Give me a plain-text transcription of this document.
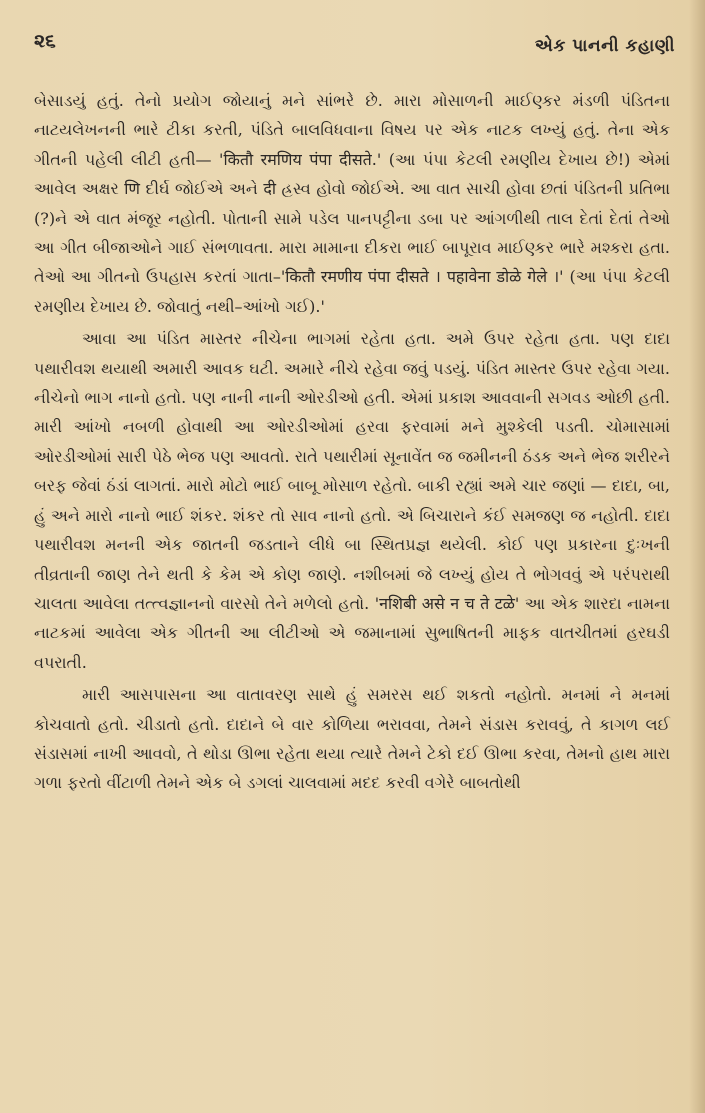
૨૬	એક પાનની કહાણી

બેસાડયું હતું. તેનો પ્રયોગ જોયાનું મને સાંભરે છે. મારા મોસાળની માઈણ્કર મંડળી પંડિતના નાટયલેખનની ભારે ટીકા કરતી, પંડિતે બાલવિધવાના વિષય પર એક નાટક લખ્યું હતું. તેના એક ગીતની પહેલી લીટી હતી— 'कितौ रमणिय पंपा दीसते.' (આ પંપા કેટલી રમણીય દેખાય છે!) એમાં આવેલ અક્ષર णि દીર્ઘ જોઈએ અને दी હ્રસ્વ હોવો જોઈએ. આ વાત સાચી હોવા છતાં પંડિતની પ્રતિભા (?)ને એ વાત મંજૂર નહોતી. પોતાની સામે પડેલ પાનપટ્ટીના ડબા પર આંગળીથી તાલ દેતાં દેતાં તેઓ આ ગીત બીજાઓને ગાઈ સંભળાવતા. મારા મામાના દીકરા ભાઈ બાપૂરાવ માઈણ્કર ભારે મશ્કરા હતા. તેઓ આ ગીતનો ઉપહાસ કરતાં ગાતા–'कितौ रमणीय पंपा दीसते । पहावेना डोळे गेले ।' (આ પંપા કેટલી રમણીય દેખાય છે. જોવાતું નથી–આંખો ગઈ).'

આવા આ પંડિત માસ્તર નીચેના ભાગમાં રહેતા હતા. અમે ઉપર રહેતા હતા. પણ દાદા પથારીવશ થયાથી અમારી આવક ઘટી. અમારે નીચે રહેવા જવું પડયું. પંડિત માસ્તર ઉપર રહેવા ગયા. નીચેનો ભાગ નાનો હતો. પણ નાની નાની ઓરડીઓ હતી. એમાં પ્રકાશ આવવાની સગવડ ઓછી હતી. મારી આંખો નબળી હોવાથી આ ઓરડીઓમાં હરવા ફરવામાં મને મુશ્કેલી પડતી. ચોમાસામાં ઓરડીઓમાં સારી પેઠે ભેજ પણ આવતો. રાતે પથારીમાં સૂનાવેંત જ જમીનની ઠંડક અને ભેજ શરીરને બરફ જેવાં ઠંડાં લાગતાં. મારો મોટો ભાઈ બાબૂ મોસાળ રહેતો. બાકી રહ્યાં અમે ચાર જણાં — દાદા, બા, હું અને મારો નાનો ભાઈ શંકર. શંકર તો સાવ નાનો હતો. એ બિચારાને કંઈ સમજણ જ નહોતી. દાદા પથારીવશ મનની એક જાતની જડતાને લીધે બા સ્થિતપ્રજ્ઞ થયેલી. કોઈ પણ પ્રકારના દુઃખની તીવ્રતાની જાણ તેને થતી કે કેમ એ કોણ જાણે. નશીબમાં જે લખ્યું હોય તે ભોગવવું એ પરંપરાથી ચાલતા આવેલા તત્ત્વજ્ઞાનનો વારસો તેને મળેલો હતો. 'नशिबी असे न च ते टळे' આ એક શારદા નામના નાટકમાં આવેલા એક ગીતની આ લીટીઓ એ જમાનામાં સુભાષિતની માફક વાતચીતમાં હરઘડી વપરાતી.

મારી આસપાસના આ વાતાવરણ સાથે હું સમરસ થઈ શકતો નહોતો. મનમાં ને મનમાં કોચવાતો હતો. ચીડાતો હતો. દાદાને બે વાર કોળિયા ભરાવવા, તેમને સંડાસ કરાવવું, તે કાગળ લઈ સંડાસમાં નાખી આવવો, તે થોડા ઊભા રહેતા થયા ત્યારે તેમને ટેકો દઈ ઊભા કરવા, તેમનો હાથ મારા ગળા ફરતો વીંટાળી તેમને એક બે ડગલાં ચાલવામાં મદદ કરવી વગેરે બાબતોથી
